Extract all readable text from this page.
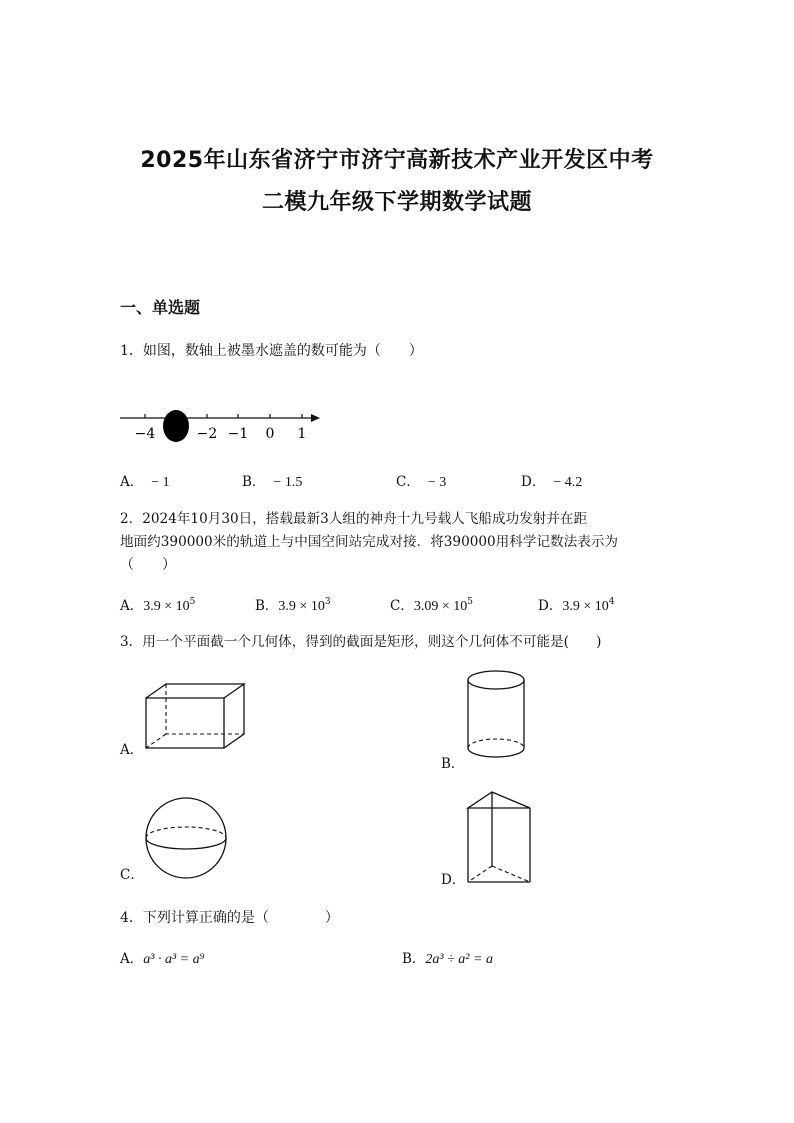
2025年山东省济宁市济宁高新技术产业开发区中考
二模九年级下学期数学试题
一、单选题
1．如图，数轴上被墨水遮盖的数可能为（　　）
−4	−2 −1 0 1
A． − 1	B． − 1.5	C． − 3	D． − 4.2
2．2024年10月30日，搭载最新3人组的神舟十九号载人飞船成功发射并在距
地面约390000米的轨道上与中国空间站完成对接．将390000用科学记数法表示为
（　　）
A．$3.9 \times 10^5$	B．$3.9 \times 10^3$	C．$3.09 \times 10^5$	D．$3.9 \times 10^4$
3．用一个平面截一个几何体，得到的截面是矩形，则这个几何体不可能是(　　)
A．
B．
C．	D．
4．下列计算正确的是（　　　　）
A．a³ · a³ = a⁹	B．2a³ ÷ a² = a
